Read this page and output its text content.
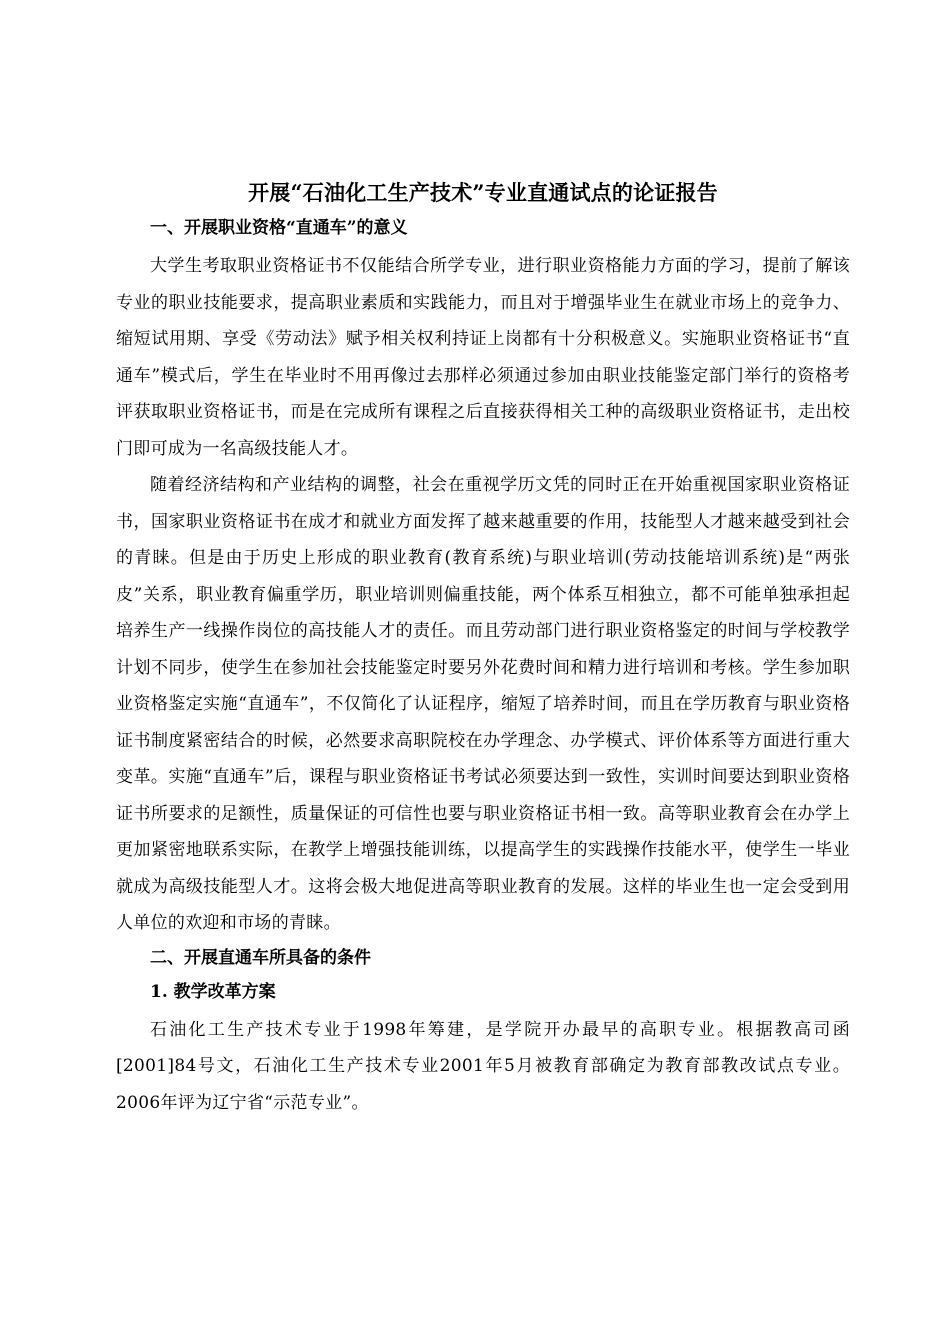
开展“石油化工生产技术”专业直通试点的论证报告
一、开展职业资格“直通车”的意义

大学生考取职业资格证书不仅能结合所学专业，进行职业资格能力方面的学习，提前了解该专业的职业技能要求，提高职业素质和实践能力，而且对于增强毕业生在就业市场上的竞争力、缩短试用期、享受《劳动法》赋予相关权利持证上岗都有十分积极意义。实施职业资格证书“直通车”模式后，学生在毕业时不用再像过去那样必须通过参加由职业技能鉴定部门举行的资格考评获取职业资格证书，而是在完成所有课程之后直接获得相关工种的高级职业资格证书，走出校门即可成为一名高级技能人才。

随着经济结构和产业结构的调整，社会在重视学历文凭的同时正在开始重视国家职业资格证书，国家职业资格证书在成才和就业方面发挥了越来越重要的作用，技能型人才越来越受到社会的青睐。但是由于历史上形成的职业教育(教育系统)与职业培训(劳动技能培训系统)是“两张皮”关系，职业教育偏重学历，职业培训则偏重技能，两个体系互相独立，都不可能单独承担起培养生产一线操作岗位的高技能人才的责任。而且劳动部门进行职业资格鉴定的时间与学校教学计划不同步，使学生在参加社会技能鉴定时要另外花费时间和精力进行培训和考核。学生参加职业资格鉴定实施“直通车”，不仅简化了认证程序，缩短了培养时间，而且在学历教育与职业资格证书制度紧密结合的时候，必然要求高职院校在办学理念、办学模式、评价体系等方面进行重大变革。实施“直通车”后，课程与职业资格证书考试必须要达到一致性，实训时间要达到职业资格证书所要求的足额性，质量保证的可信性也要与职业资格证书相一致。高等职业教育会在办学上更加紧密地联系实际，在教学上增强技能训练，以提高学生的实践操作技能水平，使学生一毕业就成为高级技能型人才。这将会极大地促进高等职业教育的发展。这样的毕业生也一定会受到用人单位的欢迎和市场的青睐。

二、开展直通车所具备的条件
1. 教学改革方案

石油化工生产技术专业于1998年筹建，是学院开办最早的高职专业。根据教高司函[2001]84号文，石油化工生产技术专业2001年5月被教育部确定为教育部教改试点专业。2006年评为辽宁省“示范专业”。
